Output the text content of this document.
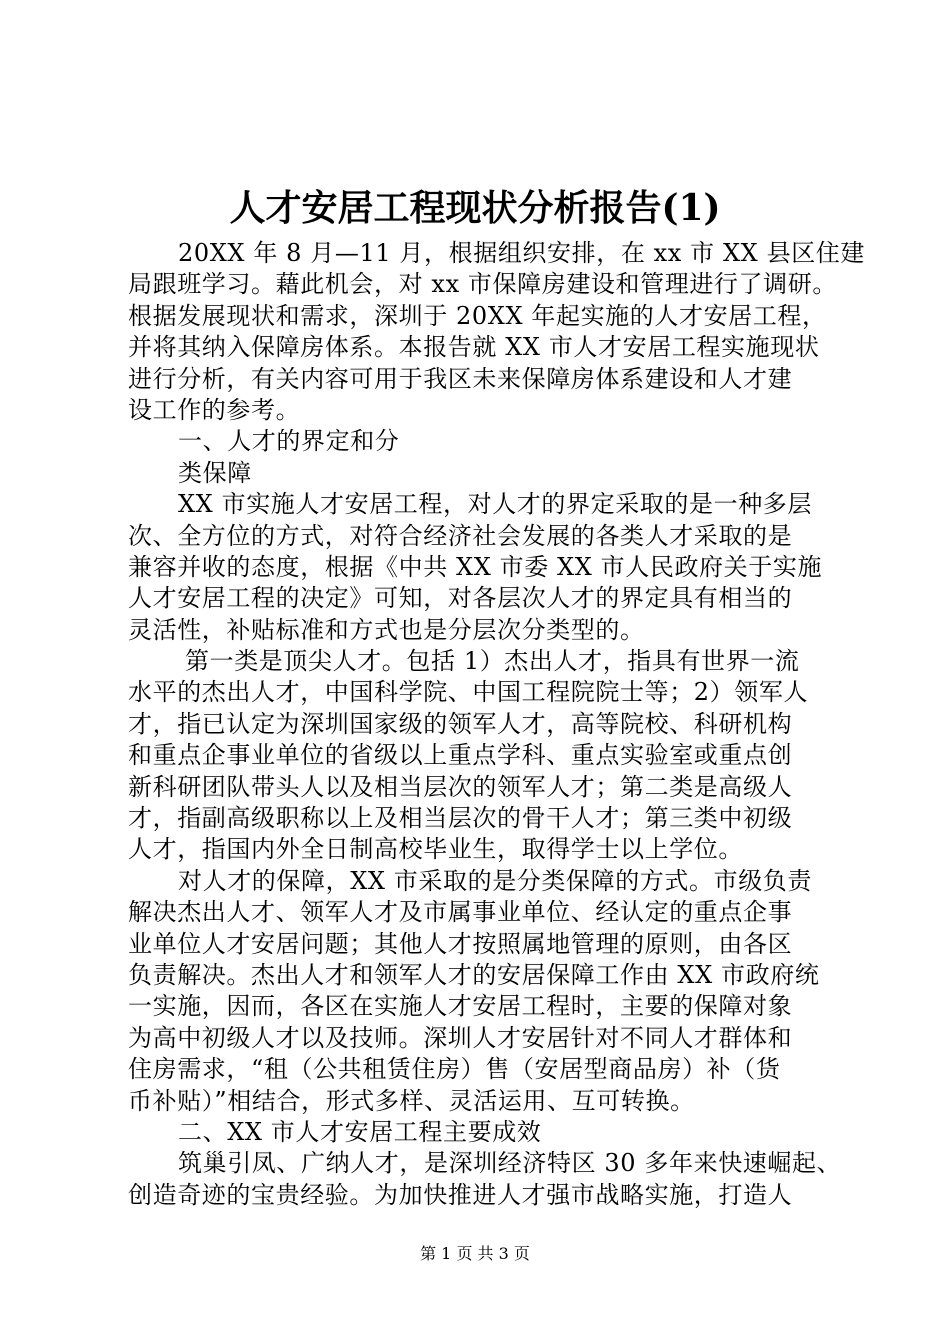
人才安居工程现状分析报告(1)

20XX 年 8 月—11 月，根据组织安排，在 xx 市 XX 县区住建

局跟班学习。藉此机会，对 xx 市保障房建设和管理进行了调研。

根据发展现状和需求，深圳于 20XX 年起实施的人才安居工程，

并将其纳入保障房体系。本报告就 XX 市人才安居工程实施现状

进行分析，有关内容可用于我区未来保障房体系建设和人才建

设工作的参考。

一、人才的界定和分

类保障

XX 市实施人才安居工程，对人才的界定采取的是一种多层

次、全方位的方式，对符合经济社会发展的各类人才采取的是

兼容并收的态度，根据《中共 XX 市委 XX 市人民政府关于实施

人才安居工程的决定》可知，对各层次人才的界定具有相当的

灵活性，补贴标准和方式也是分层次分类型的。

第一类是顶尖人才。包括 1）杰出人才，指具有世界一流

水平的杰出人才，中国科学院、中国工程院院士等；2）领军人

才，指已认定为深圳国家级的领军人才，高等院校、科研机构

和重点企事业单位的省级以上重点学科、重点实验室或重点创

新科研团队带头人以及相当层次的领军人才；第二类是高级人

才，指副高级职称以上及相当层次的骨干人才；第三类中初级

人才，指国内外全日制高校毕业生，取得学士以上学位。

对人才的保障，XX 市采取的是分类保障的方式。市级负责

解决杰出人才、领军人才及市属事业单位、经认定的重点企事

业单位人才安居问题；其他人才按照属地管理的原则，由各区

负责解决。杰出人才和领军人才的安居保障工作由 XX 市政府统

一实施，因而，各区在实施人才安居工程时，主要的保障对象

为高中初级人才以及技师。深圳人才安居针对不同人才群体和

住房需求，“租（公共租赁住房）售（安居型商品房）补（货

币补贴）”相结合，形式多样、灵活运用、互可转换。

二、XX 市人才安居工程主要成效

筑巢引凤、广纳人才，是深圳经济特区 30 多年来快速崛起、

创造奇迹的宝贵经验。为加快推进人才强市战略实施，打造人

第 1 页 共 3 页
